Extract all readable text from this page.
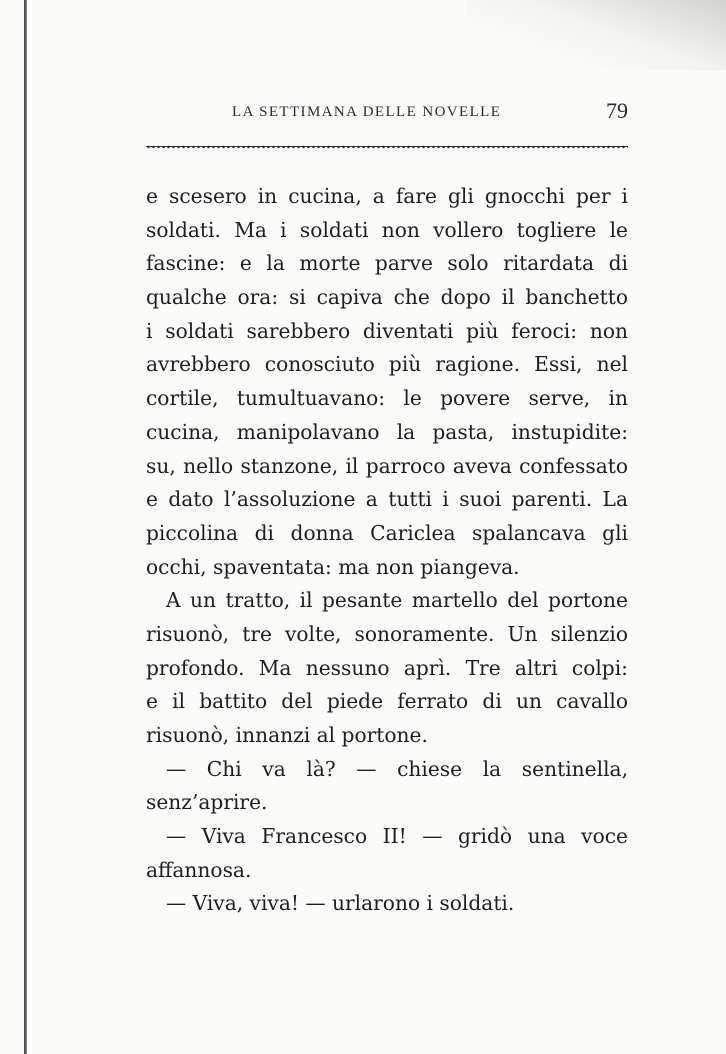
LA SETTIMANA DELLE NOVELLE	79
e scesero in cucina, a fare gli gnocchi per i
soldati. Ma i soldati non vollero togliere le
fascine: e la morte parve solo ritardata di
qualche ora: si capiva che dopo il banchetto
i soldati sarebbero diventati più feroci: non
avrebbero conosciuto più ragione. Essi, nel
cortile, tumultuavano: le povere serve, in
cucina, manipolavano la pasta, instupidite:
su, nello stanzone, il parroco aveva confessato
e dato l’assoluzione a tutti i suoi parenti. La
piccolina di donna Cariclea spalancava gli
occhi, spaventata: ma non piangeva.
A un tratto, il pesante martello del portone
risuonò, tre volte, sonoramente. Un silenzio
profondo. Ma nessuno aprì. Tre altri colpi:
e il battito del piede ferrato di un cavallo
risuonò, innanzi al portone.
— Chi va là? — chiese la sentinella,
senz’aprire.
— Viva Francesco II! — gridò una voce
affannosa.
— Viva, viva! — urlarono i soldati.
